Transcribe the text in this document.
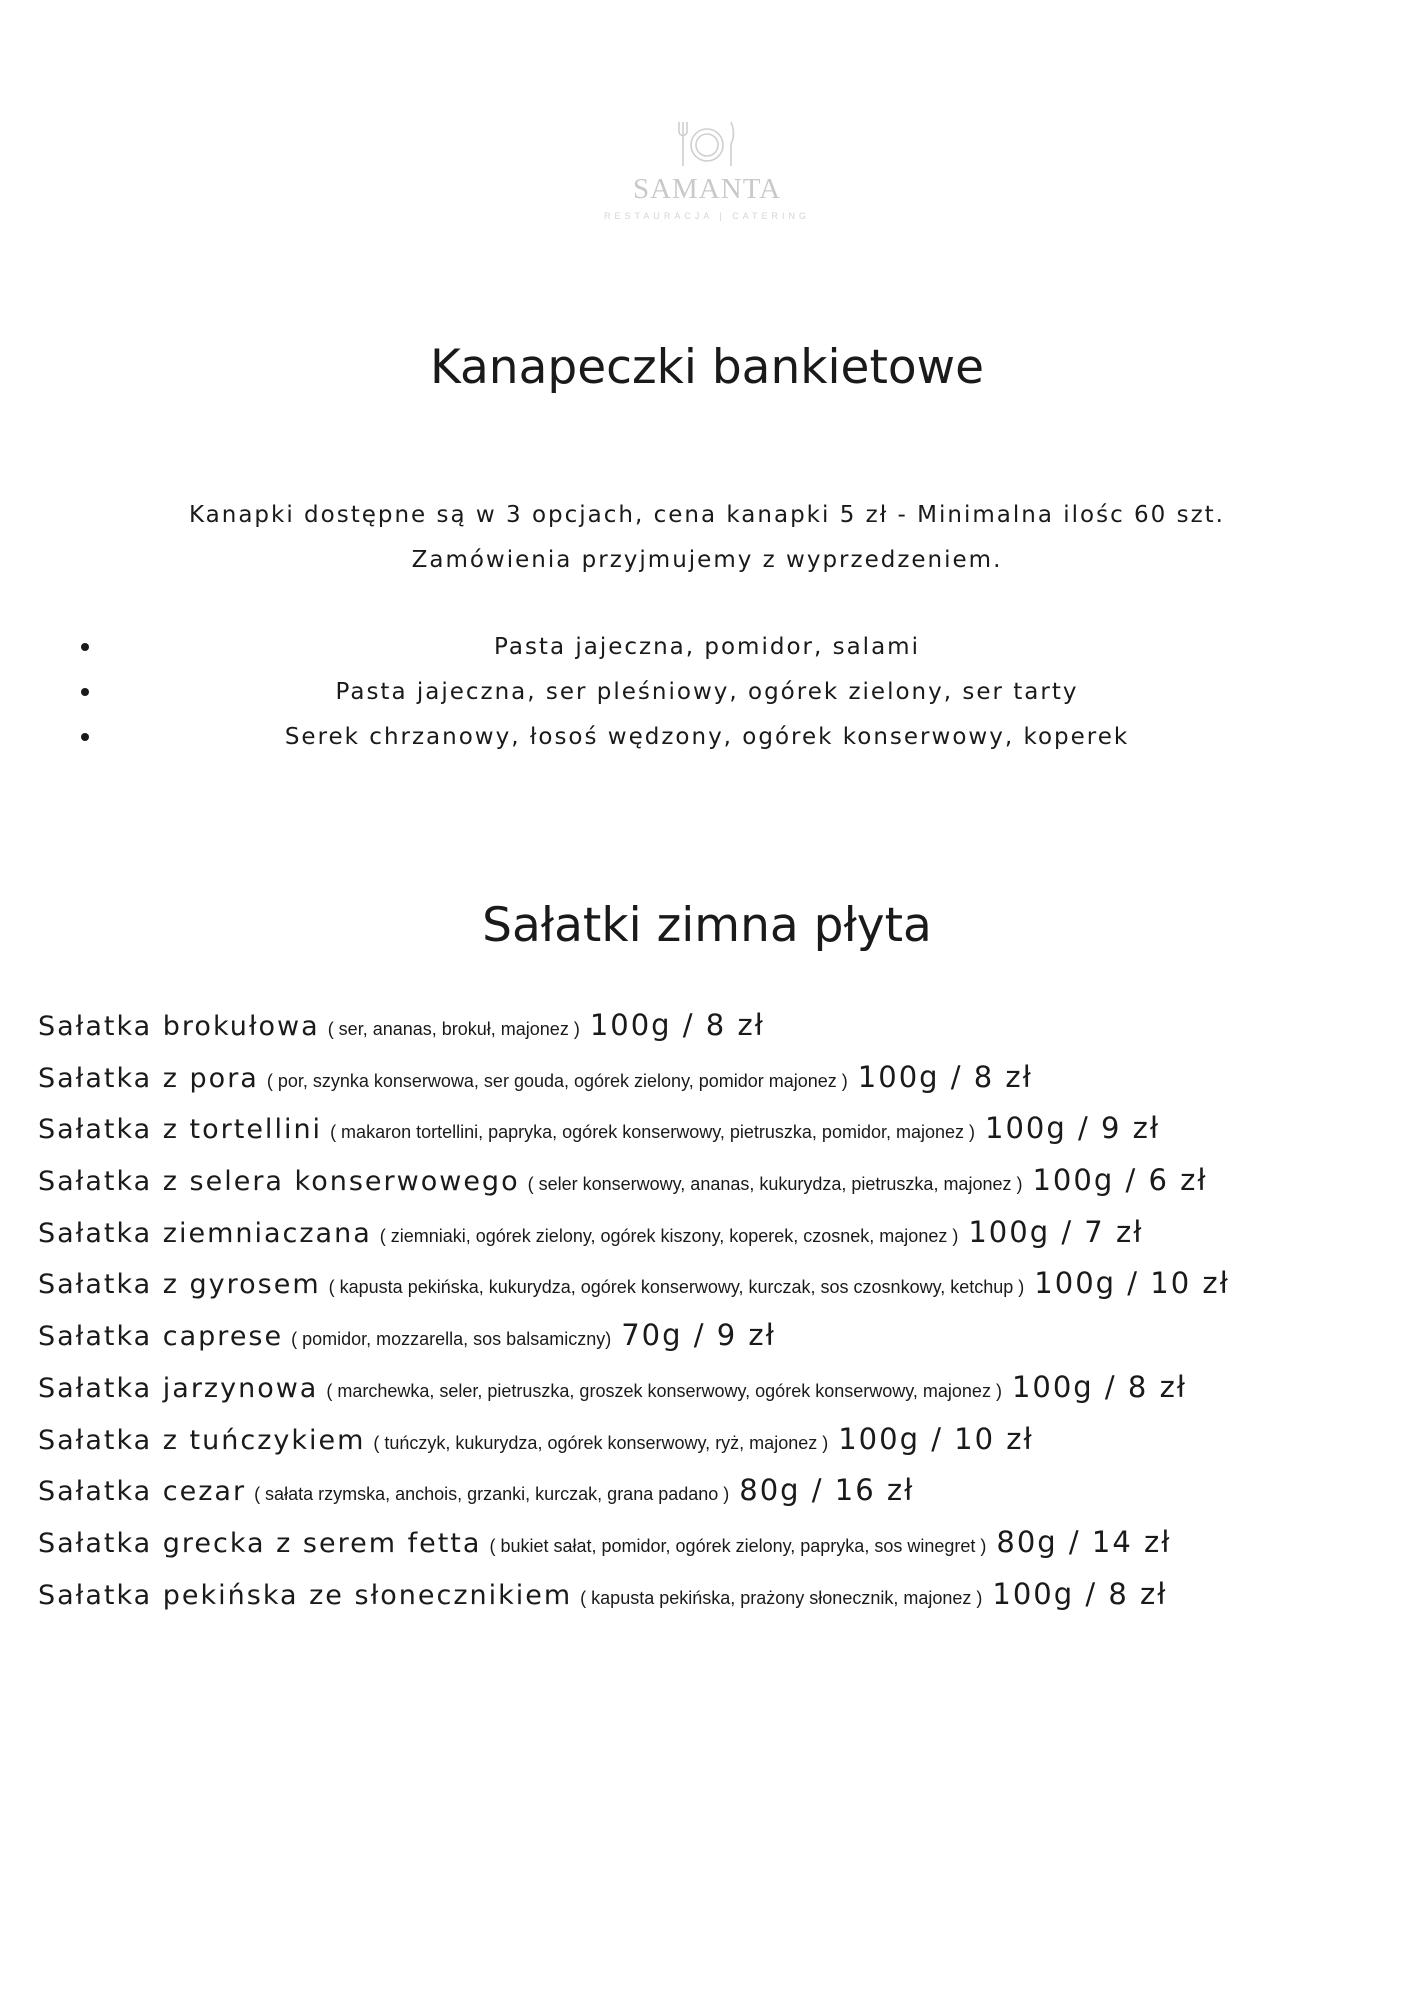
SAMANTA
RESTAURACJA | CATERING
Kanapeczki bankietowe
Kanapki dostępne są w 3 opcjach, cena kanapki 5 zł - Minimalna ilośc 60 szt.
Zamówienia przyjmujemy z wyprzedzeniem.
Pasta jajeczna, pomidor, salami
Pasta jajeczna, ser pleśniowy, ogórek zielony, ser tarty
Serek chrzanowy, łosoś wędzony, ogórek konserwowy, koperek
Sałatki zimna płyta
Sałatka brokułowa ( ser, ananas, brokuł, majonez ) 100g / 8 zł
Sałatka z pora ( por, szynka konserwowa, ser gouda, ogórek zielony, pomidor majonez ) 100g / 8 zł
Sałatka z tortellini ( makaron tortellini, papryka, ogórek konserwowy, pietruszka, pomidor, majonez ) 100g / 9 zł
Sałatka z selera konserwowego ( seler konserwowy, ananas, kukurydza, pietruszka, majonez ) 100g / 6 zł
Sałatka ziemniaczana ( ziemniaki, ogórek zielony, ogórek kiszony, koperek, czosnek, majonez ) 100g / 7 zł
Sałatka z gyrosem ( kapusta pekińska, kukurydza, ogórek konserwowy, kurczak, sos czosnkowy, ketchup ) 100g / 10 zł
Sałatka caprese ( pomidor, mozzarella, sos balsamiczny) 70g / 9 zł
Sałatka jarzynowa ( marchewka, seler, pietruszka, groszek konserwowy, ogórek konserwowy, majonez ) 100g / 8 zł
Sałatka z tuńczykiem ( tuńczyk, kukurydza, ogórek konserwowy, ryż, majonez ) 100g / 10 zł
Sałatka cezar ( sałata rzymska, anchois, grzanki, kurczak, grana padano ) 80g / 16 zł
Sałatka grecka z serem fetta ( bukiet sałat, pomidor, ogórek zielony, papryka, sos winegret ) 80g / 14 zł
Sałatka pekińska ze słonecznikiem ( kapusta pekińska, prażony słonecznik, majonez ) 100g / 8 zł
